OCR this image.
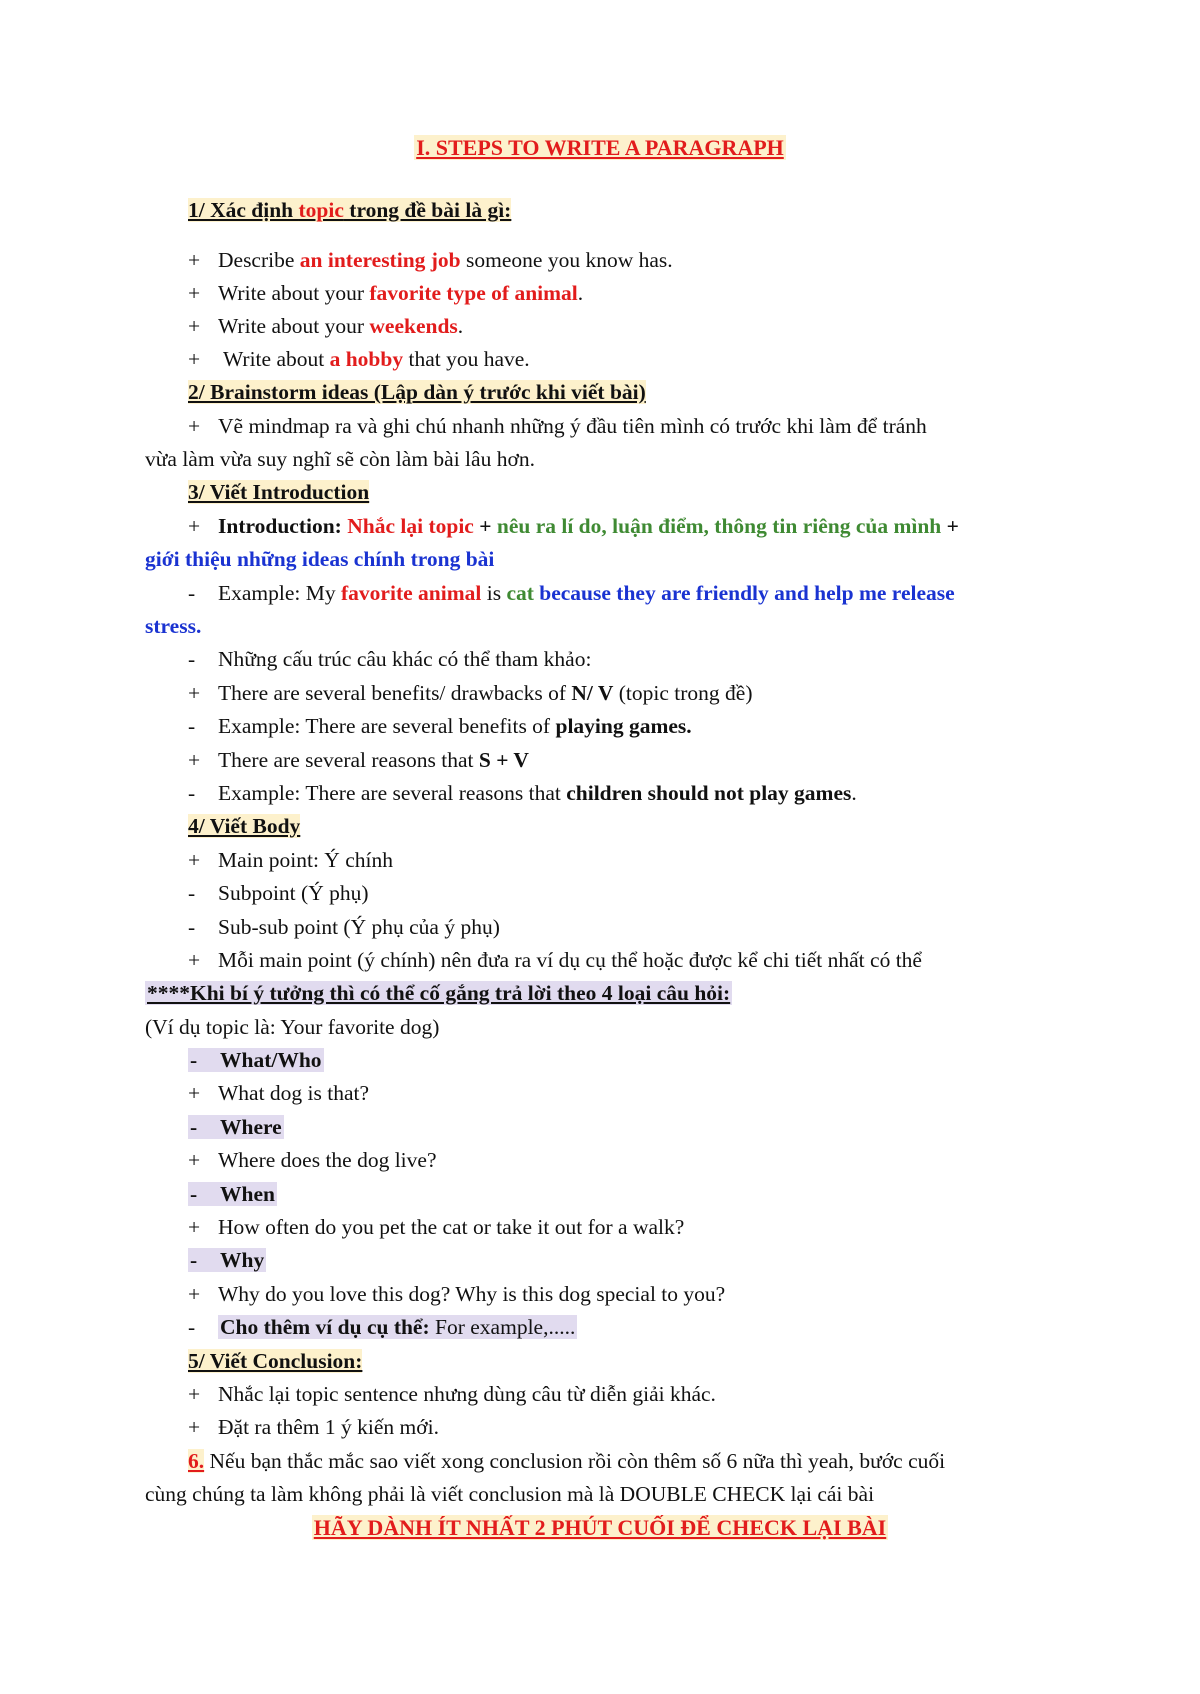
I. STEPS TO WRITE A PARAGRAPH
1/ Xác định topic trong đề bài là gì:
+ Describe an interesting job someone you know has.
+ Write about your favorite type of animal.
+ Write about your weekends.
+ Write about a hobby that you have.
2/ Brainstorm ideas (Lập dàn ý trước khi viết bài)
+ Vẽ mindmap ra và ghi chú nhanh những ý đầu tiên mình có trước khi làm để tránh
vừa làm vừa suy nghĩ sẽ còn làm bài lâu hơn.
3/ Viết Introduction
+ Introduction: Nhắc lại topic + nêu ra lí do, luận điểm, thông tin riêng của mình +
giới thiệu những ideas chính trong bài
- Example: My favorite animal is cat because they are friendly and help me release
stress.
- Những cấu trúc câu khác có thể tham khảo:
+ There are several benefits/ drawbacks of N/ V (topic trong đề)
- Example: There are several benefits of playing games.
+ There are several reasons that S + V
- Example: There are several reasons that children should not play games.
4/ Viết Body
+ Main point: Ý chính
- Subpoint (Ý phụ)
- Sub-sub point (Ý phụ của ý phụ)
+ Mỗi main point (ý chính) nên đưa ra ví dụ cụ thể hoặc được kể chi tiết nhất có thể
****Khi bí ý tưởng thì có thể cố gắng trả lời theo 4 loại câu hỏi:
(Ví dụ topic là: Your favorite dog)
- What/Who
+ What dog is that?
- Where
+ Where does the dog live?
- When
+ How often do you pet the cat or take it out for a walk?
- Why
+ Why do you love this dog? Why is this dog special to you?
- Cho thêm ví dụ cụ thể: For example,.....
5/ Viết Conclusion:
+ Nhắc lại topic sentence nhưng dùng câu từ diễn giải khác.
+ Đặt ra thêm 1 ý kiến mới.
6. Nếu bạn thắc mắc sao viết xong conclusion rồi còn thêm số 6 nữa thì yeah, bước cuối
cùng chúng ta làm không phải là viết conclusion mà là DOUBLE CHECK lại cái bài
HÃY DÀNH ÍT NHẤT 2 PHÚT CUỐI ĐỂ CHECK LẠI BÀI
